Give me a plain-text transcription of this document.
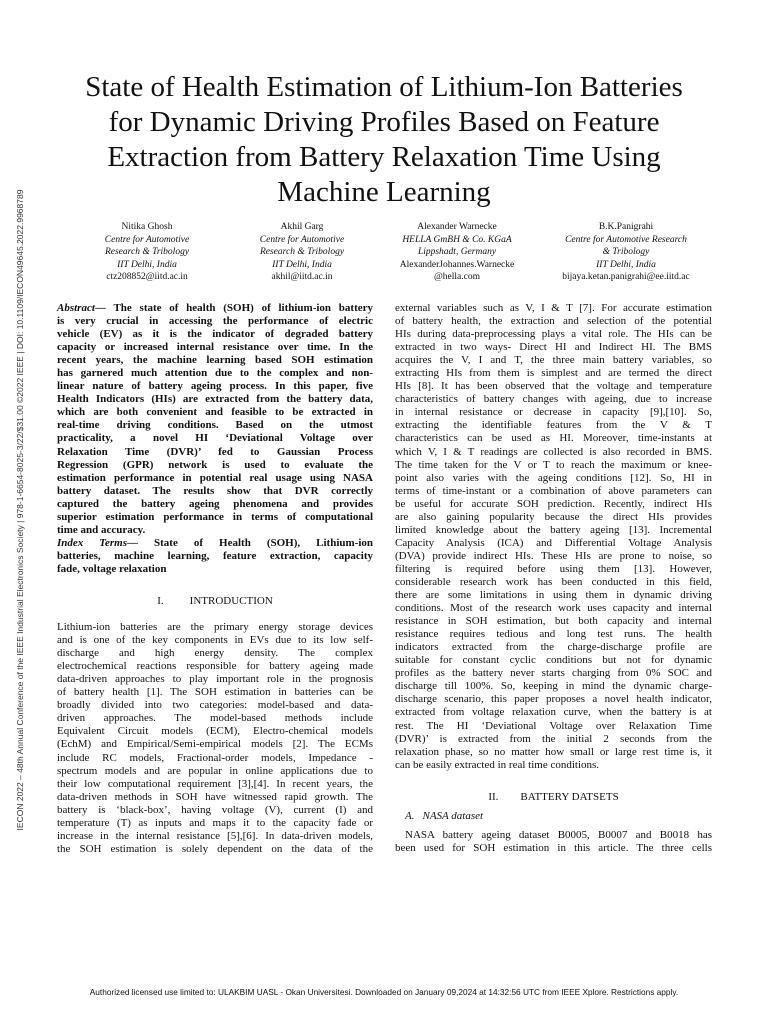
IECON 2022 – 48th Annual Conference of the IEEE Industrial Electronics Society | 978-1-6654-8025-3/22/$31.00 ©2022 IEEE | DOI: 10.1109/IECON49645.2022.9968789
State of Health Estimation of Lithium-Ion Batteries
for Dynamic Driving Profiles Based on Feature
Extraction from Battery Relaxation Time Using
Machine Learning
Nitika Ghosh
Centre for Automotive
Research & Tribology
IIT Delhi, India
ctz208852@iitd.ac.in
Akhil Garg
Centre for Automotive
Research & Tribology
IIT Delhi, India
akhil@iitd.ac.in
Alexander Warnecke
HELLA GmBH & Co. KGaA
Lippshadt, Germany
AlexanderJohannes.Warnecke
@hella.com
B.K.Panigrahi
Centre for Automotive Research
& Tribology
IIT Delhi, India
bijaya.ketan.panigrahi@ee.iitd.ac
Abstract— The state of health (SOH) of lithium-ion battery
is very crucial in accessing the performance of electric
vehicle (EV) as it is the indicator of degraded battery
capacity or increased internal resistance over time. In the
recent years, the machine learning based SOH estimation
has garnered much attention due to the complex and non-
linear nature of battery ageing process. In this paper, five
Health Indicators (HIs) are extracted from the battery data,
which are both convenient and feasible to be extracted in
real-time driving conditions. Based on the utmost
practicality, a novel HI ‘Deviational Voltage over
Relaxation Time (DVR)’ fed to Gaussian Process
Regression (GPR) network is used to evaluate the
estimation performance in potential real usage using NASA
battery dataset. The results show that DVR correctly
captured the battery ageing phenomena and provides
superior estimation performance in terms of computational
time and accuracy.
Index Terms— State of Health (SOH), Lithium-ion
batteries, machine learning, feature extraction, capacity
fade, voltage relaxation
I. INTRODUCTION
Lithium-ion batteries are the primary energy storage devices
and is one of the key components in EVs due to its low self-
discharge and high energy density. The complex
electrochemical reactions responsible for battery ageing made
data-driven approaches to play important role in the prognosis
of battery health [1]. The SOH estimation in batteries can be
broadly divided into two categories: model-based and data-
driven approaches. The model-based methods include
Equivalent Circuit models (ECM), Electro-chemical models
(EchM) and Empirical/Semi-empirical models [2]. The ECMs
include RC models, Fractional-order models, Impedance -
spectrum models and are popular in online applications due to
their low computational requirement [3],[4]. In recent years, the
data-driven methods in SOH have witnessed rapid growth. The
battery is ‘black-box’, having voltage (V), current (I) and
temperature (T) as inputs and maps it to the capacity fade or
increase in the internal resistance [5],[6]. In data-driven models,
the SOH estimation is solely dependent on the data of the
external variables such as V, I & T [7]. For accurate estimation
of battery health, the extraction and selection of the potential
HIs during data-preprocessing plays a vital role. The HIs can be
extracted in two ways- Direct HI and Indirect HI. The BMS
acquires the V, I and T, the three main battery variables, so
extracting HIs from them is simplest and are termed the direct
HIs [8]. It has been observed that the voltage and temperature
characteristics of battery changes with ageing, due to increase
in internal resistance or decrease in capacity [9],[10]. So,
extracting the identifiable features from the V & T
characteristics can be used as HI. Moreover, time-instants at
which V, I & T readings are collected is also recorded in BMS.
The time taken for the V or T to reach the maximum or knee-
point also varies with the ageing conditions [12]. So, HI in
terms of time-instant or a combination of above parameters can
be useful for accurate SOH prediction. Recently, indirect HIs
are also gaining popularity because the direct HIs provides
limited knowledge about the battery ageing [13]. Incremental
Capacity Analysis (ICA) and Differential Voltage Analysis
(DVA) provide indirect HIs. These HIs are prone to noise, so
filtering is required before using them [13]. However,
considerable research work has been conducted in this field,
there are some limitations in using them in dynamic driving
conditions. Most of the research work uses capacity and internal
resistance in SOH estimation, but both capacity and internal
resistance requires tedious and long test runs. The health
indicators extracted from the charge-discharge profile are
suitable for constant cyclic conditions but not for dynamic
profiles as the battery never starts charging from 0% SOC and
discharge till 100%. So, keeping in mind the dynamic charge-
discharge scenario, this paper proposes a novel health indicator,
extracted from voltage relaxation curve, when the battery is at
rest. The HI ‘Deviational Voltage over Relaxation Time
(DVR)’ is extracted from the initial 2 seconds from the
relaxation phase, so no matter how small or large rest time is, it
can be easily extracted in real time conditions.
II. BATTERY DATSETS
A. NASA dataset
NASA battery ageing dataset B0005, B0007 and B0018 has
been used for SOH estimation in this article. The three cells
Authorized licensed use limited to: ULAKBIM UASL - Okan Universitesi. Downloaded on January 09,2024 at 14:32:56 UTC from IEEE Xplore. Restrictions apply.
